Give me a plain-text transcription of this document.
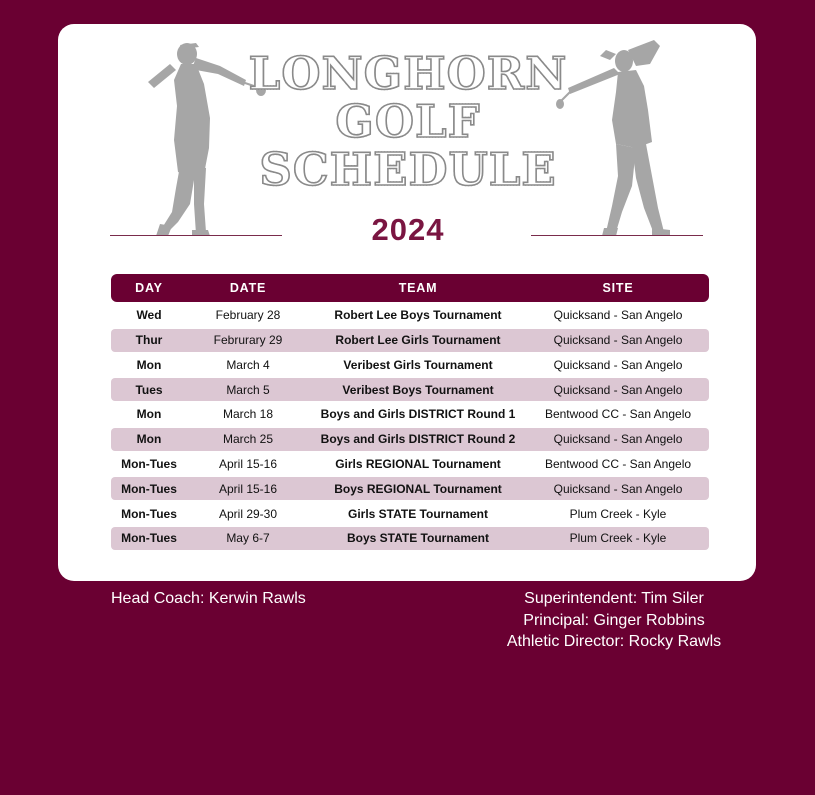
LONGHORN
GOLF
SCHEDULE
2024
DAY	DATE	TEAM	SITE
Wed	February 28	Robert Lee Boys Tournament	Quicksand - San Angelo
Thur	Februrary 29	Robert Lee Girls Tournament	Quicksand - San Angelo
Mon	March 4	Veribest Girls Tournament	Quicksand - San Angelo
Tues	March 5	Veribest Boys Tournament	Quicksand - San Angelo
Mon	March 18	Boys and Girls DISTRICT Round 1	Bentwood CC - San Angelo
Mon	March 25	Boys and Girls DISTRICT Round 2	Quicksand - San Angelo
Mon-Tues	April 15-16	Girls REGIONAL Tournament	Bentwood CC - San Angelo
Mon-Tues	April 15-16	Boys REGIONAL Tournament	Quicksand - San Angelo
Mon-Tues	April 29-30	Girls STATE Tournament	Plum Creek - Kyle
Mon-Tues	May 6-7	Boys STATE Tournament	Plum Creek - Kyle
Head Coach: Kerwin Rawls	Superintendent: Tim Siler
Principal: Ginger Robbins
Athletic Director: Rocky Rawls
